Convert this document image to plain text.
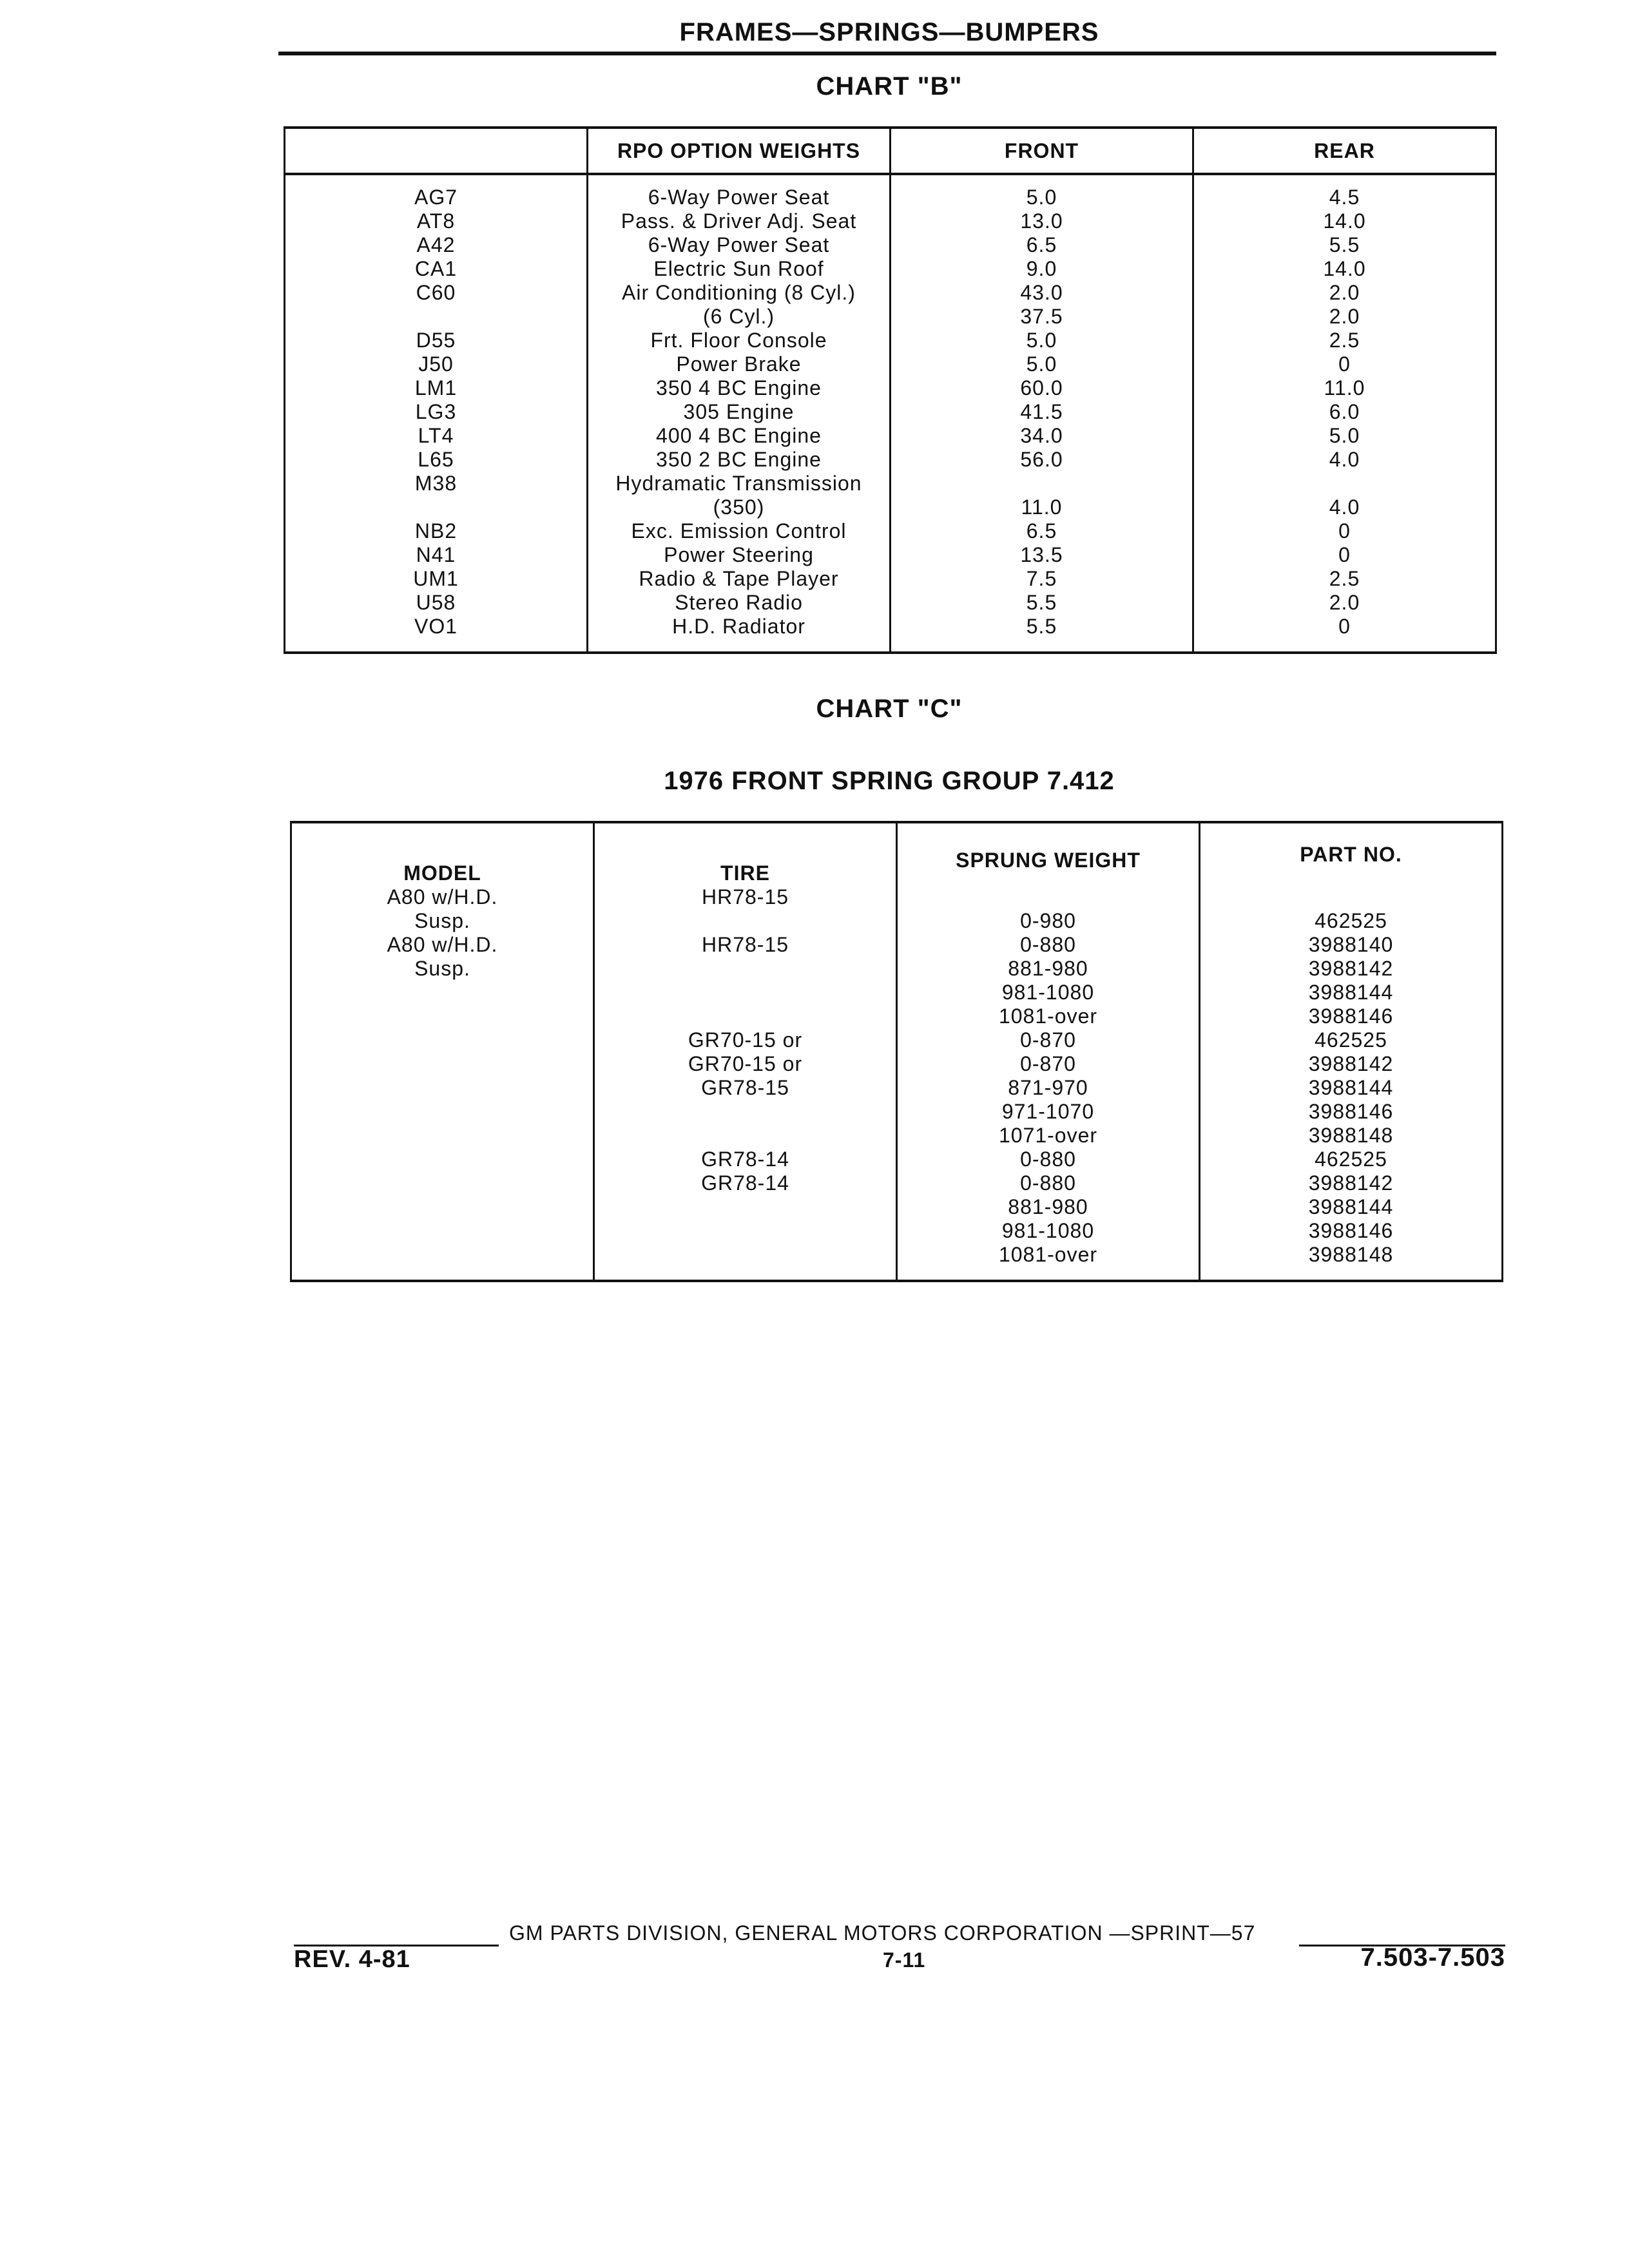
FRAMES—SPRINGS—BUMPERS
CHART "B"
	RPO OPTION WEIGHTS	FRONT	REAR
AG7	6-Way Power Seat	5.0	4.5
AT8	Pass. & Driver Adj. Seat	13.0	14.0
A42	6-Way Power Seat	6.5	5.5
CA1	Electric Sun Roof	9.0	14.0
C60	Air Conditioning (8 Cyl.)	43.0	2.0
	(6 Cyl.)	37.5	2.0
D55	Frt. Floor Console	5.0	2.5
J50	Power Brake	5.0	0
LM1	350 4 BC Engine	60.0	11.0
LG3	305 Engine	41.5	6.0
LT4	400 4 BC Engine	34.0	5.0
L65	350 2 BC Engine	56.0	4.0
M38	Hydramatic Transmission		
	(350)	11.0	4.0
NB2	Exc. Emission Control	6.5	0
N41	Power Steering	13.5	0
UM1	Radio & Tape Player	7.5	2.5
U58	Stereo Radio	5.5	2.0
VO1	H.D. Radiator	5.5	0
CHART "C"
1976 FRONT SPRING GROUP 7.412
MODEL	TIRE	SPRUNG WEIGHT	PART NO.
A80 w/H.D.	HR78-15		
Susp.		0-980	462525
A80 w/H.D.	HR78-15	0-880	3988140
Susp.		881-980	3988142
		981-1080	3988144
		1081-over	3988146
	GR70-15 or	0-870	462525

	GR70-15 or	0-870	3988142
	GR78-15	871-970	3988144
		971-1070	3988146
		1071-over	3988148
	GR78-14	0-880	462525

	GR78-14	0-880	3988142
		881-980	3988144
		981-1080	3988146
		1081-over	3988148
GM PARTS DIVISION, GENERAL MOTORS CORPORATION —SPRINT—57
REV. 4-81	7-11	7.503-7.503
